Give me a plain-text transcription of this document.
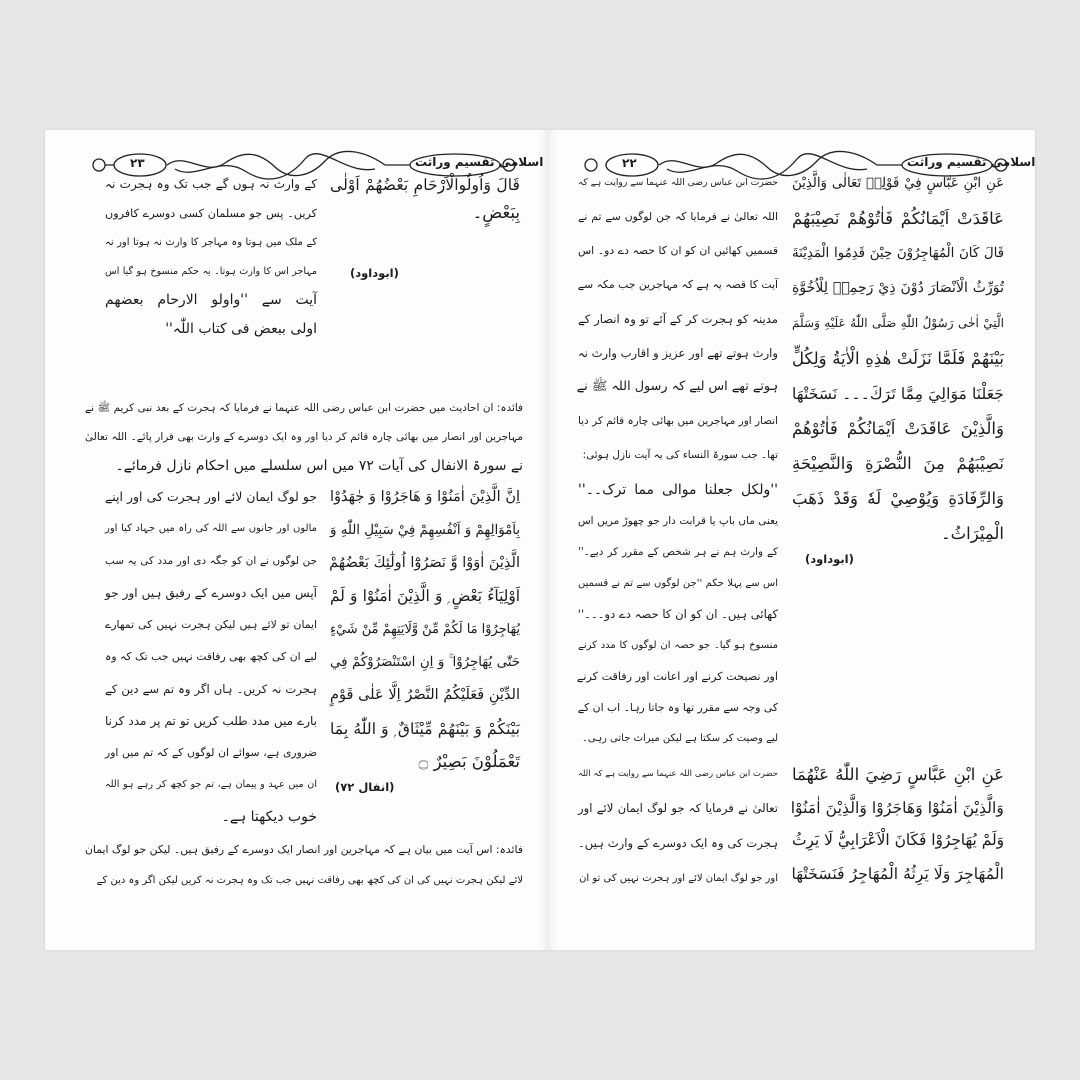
۲۳	اسلامی تقسیم وراثت	۲۲	اسلامی تقسیم وراثت
قَالَ وَاُولُوالْاَرْحَامِ بَعْضُهُمْ اَوْلٰى
بِبَعْضٍ۔
(ابوداود)
کے وارث نہ ہوں گے جب تک وہ ہجرت نہ
کریں۔ پس جو مسلمان کسی دوسرے کافروں
کے ملک میں ہوتا وہ مہاجر کا وارث نہ ہوتا اور نہ
مہاجر اس کا وارث ہوتا۔ یہ حکم منسوخ ہو گیا اس
آیت سے ''واولو الارحام بعضهم
اولی ببعض فی کتاب اللّٰہ''
فائدہ: ان احادیث میں حضرت ابن عباس رضی اللہ عنہما نے فرمایا کہ ہجرت کے بعد نبی کریم ﷺ نے
مہاجرین اور انصار میں بھائی چارہ قائم کر دیا اور وہ ایک دوسرے کے وارث بھی قرار پائے۔ اللہ تعالیٰ
نے سورۃ الانفال کی آیات ۷۲ میں اس سلسلے میں احکام نازل فرمائے۔
اِنَّ الَّذِيْنَ اٰمَنُوْا وَ هَاجَرُوْا وَ جٰهَدُوْا
بِاَمْوَالِهِمْ وَ اَنْفُسِهِمْ فِيْ سَبِيْلِ اللّٰهِ وَ
الَّذِيْنَ اٰوَوْا وَّ نَصَرُوْٓا اُولٰٓئِكَ بَعْضُهُمْ
اَوْلِيَآءُ بَعْضٍ ۭ وَ الَّذِيْنَ اٰمَنُوْا وَ لَمْ
يُهَاجِرُوْا مَا لَكُمْ مِّنْ وَّلَايَتِهِمْ مِّنْ شَيْءٍ
حَتّٰى يُهَاجِرُوْا ۚ وَ اِنِ اسْتَنْصَرُوْكُمْ فِي
الدِّيْنِ فَعَلَيْكُمُ النَّصْرُ اِلَّا عَلٰى قَوْمٍ
بَيْنَكُمْ وَ بَيْنَهُمْ مِّيْثَاقٌ ۭ وَ اللّٰهُ بِمَا
تَعْمَلُوْنَ بَصِيْرٌ ۝
(انفال ۷۲)
جو لوگ ایمان لائے اور ہجرت کی اور اپنے
مالوں اور جانوں سے اللہ کی راہ میں جہاد کیا اور
جن لوگوں نے ان کو جگہ دی اور مدد کی یہ سب
آپس میں ایک دوسرے کے رفیق ہیں اور جو
ایمان تو لائے ہیں لیکن ہجرت نہیں کی تمھارے
لیے ان کی کچھ بھی رفاقت نہیں جب تک کہ وہ
ہجرت نہ کریں۔ ہاں اگر وہ تم سے دین کے
بارے میں مدد طلب کریں تو تم پر مدد کرنا
ضروری ہے، سوائے ان لوگوں کے کہ تم میں اور
ان میں عہد و پیمان ہے، تم جو کچھ کر رہے ہو اللہ
خوب دیکھتا ہے۔
فائدہ: اس آیت میں بیان ہے کہ مہاجرین اور انصار ایک دوسرے کے رفیق ہیں۔ لیکن جو لوگ ایمان
لائے لیکن ہجرت نہیں کی ان کی کچھ بھی رفاقت نہیں جب تک وہ ہجرت نہ کریں لیکن اگر وہ دین کے
عَنِ ابْنِ عَبَّاسٍ فِيْ قَوْلِهٖ تَعَالٰى وَالَّذِيْنَ
عَاقَدَتْ اَيْمَانُكُمْ فَاٰتُوْهُمْ نَصِيْبَهُمْ
قَالَ كَانَ الْمُهَاجِرُوْنَ حِيْنَ قَدِمُوا الْمَدِيْنَةَ
تُوَرِّثُ الْاَنْصَارَ دُوْنَ ذِيْ رَحِمِهٖ لِلْاُخُوَّةِ
الَّتِيْ اٰخٰى رَسُوْلُ اللّٰهِ صَلَّى اللّٰهُ عَلَيْهِ وَسَلَّمَ
بَيْنَهُمْ فَلَمَّا نَزَلَتْ هٰذِهِ الْاٰيَةُ وَلِكُلٍّ
جَعَلْنَا مَوَالِيَ مِمَّا تَرَكَ۔۔۔ نَسَخَتْهَا
وَالَّذِيْنَ عَاقَدَتْ اَيْمَانُكُمْ فَاٰتُوْهُمْ
نَصِيْبَهُمْ مِنَ النُّصْرَةِ وَالنَّصِيْحَةِ
وَالرِّفَادَةِ وَيُوْصِيْ لَهٗ وَقَدْ ذَهَبَ
الْمِيْرَاثُ۔
(ابوداود)
عَنِ ابْنِ عَبَّاسٍ رَضِيَ اللّٰهُ عَنْهُمَا
وَالَّذِيْنَ اٰمَنُوْا وَهَاجَرُوْا وَالَّذِيْنَ اٰمَنُوْا
وَلَمْ يُهَاجِرُوْا فَكَانَ الْاَعْرَابِيُّ لَا يَرِثُ
الْمُهَاجِرَ وَلَا يَرِثُهُ الْمُهَاجِرُ فَنَسَخَتْهَا
حضرت ابن عباس رضی اللہ عنہما سے روایت ہے کہ
اللہ تعالیٰ نے فرمایا کہ جن لوگوں سے تم نے
قسمیں کھائیں ان کو ان کا حصہ دے دو۔ اس
آیت کا قصہ یہ ہے کہ مہاجرین جب مکہ سے
مدینہ کو ہجرت کر کے آئے تو وہ انصار کے
وارث ہوتے تھے اور عزیز و اقارب وارث نہ
ہوتے تھے اس لیے کہ رسول اللہ ﷺ نے
انصار اور مہاجرین میں بھائی چارہ قائم کر دیا
تھا۔ جب سورۃ النساء کی یہ آیت نازل ہوئی:
''ولکل جعلنا موالی مما ترک۔۔''
یعنی ماں باپ یا قرابت دار جو چھوڑ مریں اس
کے وارث ہم نے ہر شخص کے مقرر کر دیے۔''
اس سے پہلا حکم ''جن لوگوں سے تم نے قسمیں
کھائی ہیں۔ ان کو ان کا حصہ دے دو۔۔۔''
منسوخ ہو گیا۔ جو حصہ ان لوگوں کا مدد کرنے
اور نصیحت کرنے اور اعانت اور رفاقت کرنے
کی وجہ سے مقرر تھا وہ جاتا رہا۔ اب ان کے
لیے وصیت کر سکتا ہے لیکن میراث جاتی رہی۔
حضرت ابن عباس رضی اللہ عنہما سے روایت ہے کہ اللہ
تعالیٰ نے فرمایا کہ جو لوگ ایمان لائے اور
ہجرت کی وہ ایک دوسرے کے وارث ہیں۔
اور جو لوگ ایمان لائے اور ہجرت نہیں کی تو ان
